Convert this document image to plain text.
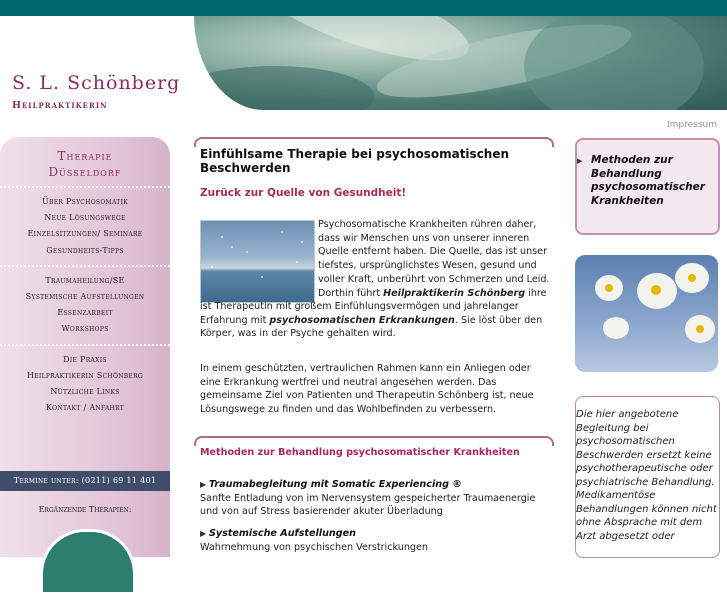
S. L. Schönberg
Heilpraktikerin
Impressum
Therapie
Düsseldorf
Über Psychosomatik
Neue Lösungswege
Einzelsitzungen/ Seminare
Gesundheits-Tipps
Traumaheilung/SE
Systemische Aufstellungen
Essenzarbeit
Workshops
Die Praxis
Heilpraktikerin Schönberg
Nützliche Links
Kontakt / Anfahrt
Termine unter: (0211) 69 11 401
Ergänzende Therapien:
Einfühlsame Therapie bei psychosomatischen Beschwerden
Zurück zur Quelle von Gesundheit!

Psychosomatische Krankheiten rühren daher, dass wir Menschen uns von unserer inneren Quelle entfernt haben. Die Quelle, das ist unser tiefstes, ursprünglichstes Wesen, gesund und voller Kraft, unberührt von Schmerzen und Leid. Dorthin führt Heilpraktikerin Schönberg ihre

ist Therapeutin mit großem Einfühlungsvermögen und jahrelanger Erfahrung mit psychosomatischen Erkrankungen. Sie löst über den Körper, was in der Psyche gehalten wird.

In einem geschützten, vertraulichen Rahmen kann ein Anliegen oder eine Erkrankung wertfrei und neutral angesehen werden. Das gemeinsame Ziel von Patienten und Therapeutin Schönberg ist, neue Lösungswege zu finden und das Wohlbefinden zu verbessern.

Methoden zur Behandlung psychosomatischer Krankheiten
▶ Traumabegleitung mit Somatic Experiencing ®
Sanfte Entladung von im Nervensystem gespeicherter Traumaenergie und von auf Stress basierender akuter Überladung
▶ Systemische Aufstellungen
Wahrnehmung von psychischen Verstrickungen
▶ Methoden zur Behandlung psychosomatischer Krankheiten
Die hier angebotene Begleitung bei psychosomatischen Beschwerden ersetzt keine psychotherapeutische oder psychiatrische Behandlung. Medikamentöse Behandlungen können nicht ohne Absprache mit dem Arzt abgesetzt oder
